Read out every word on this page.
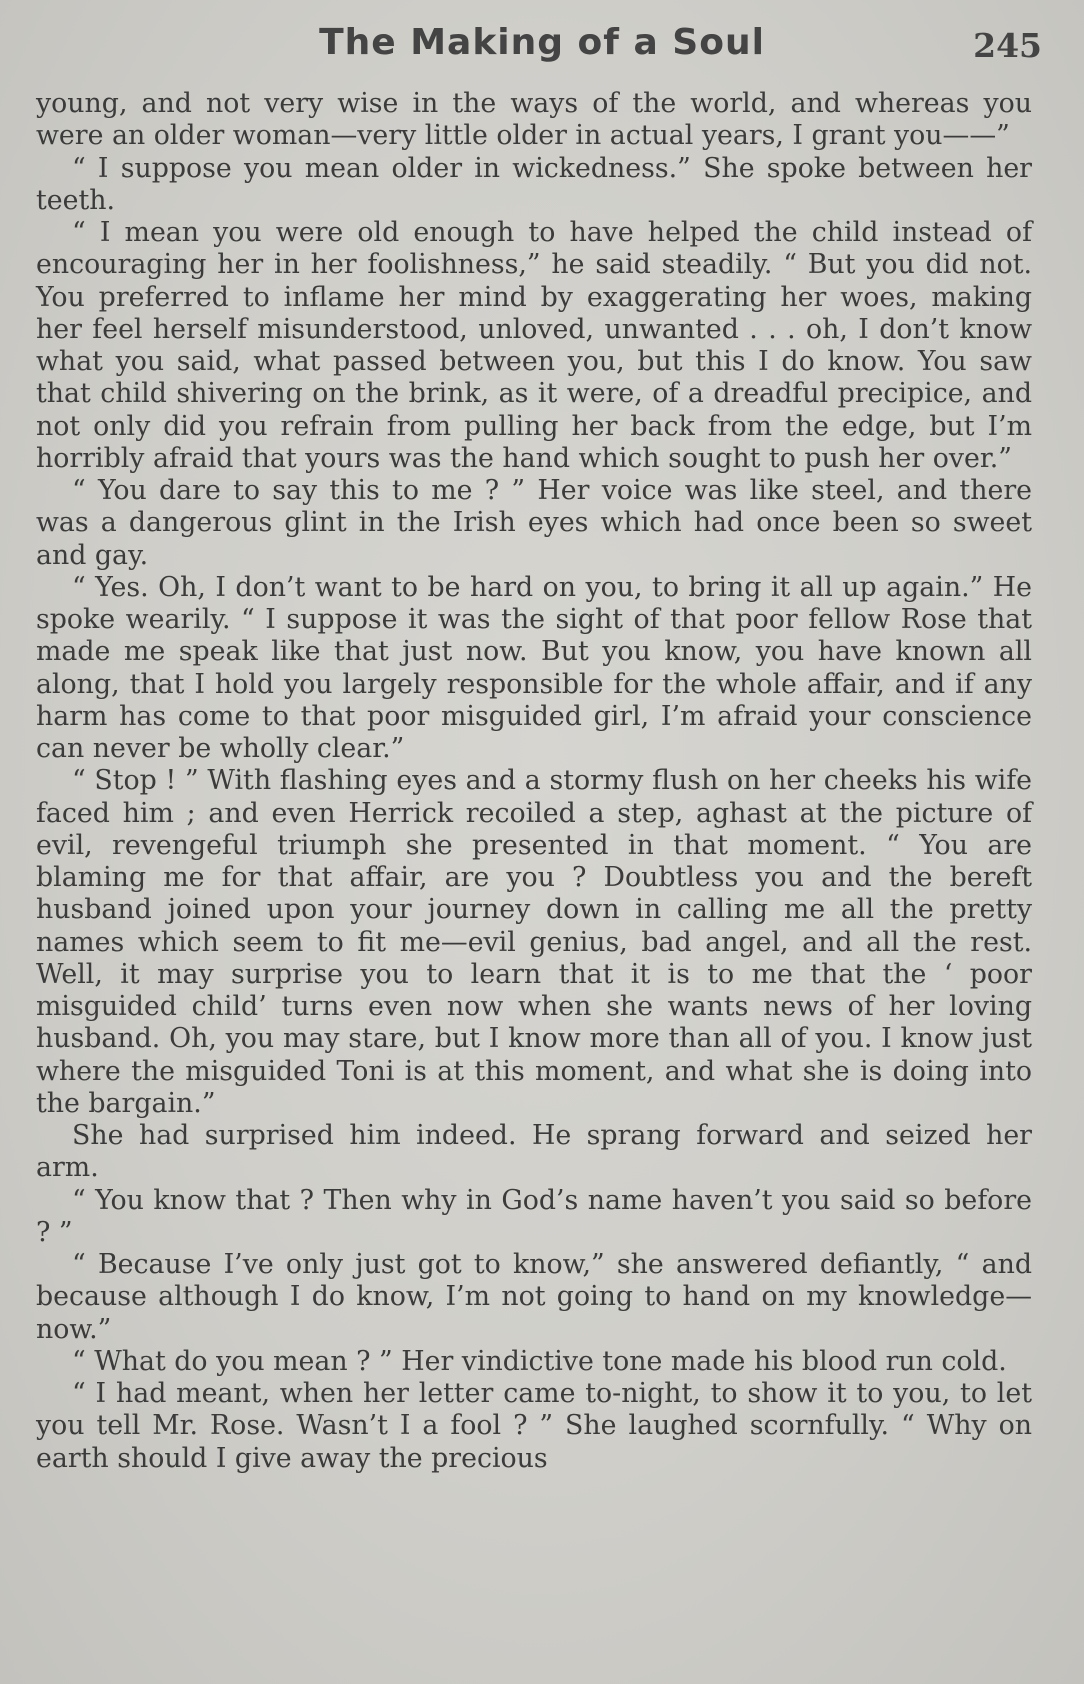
The Making of a Soul	245

young, and not very wise in the ways of the world, and whereas you were an older woman—very little older in actual years, I grant you——”

“ I suppose you mean older in wickedness.” She spoke between her teeth.

“ I mean you were old enough to have helped the child instead of encouraging her in her foolishness,” he said steadily. “ But you did not. You preferred to inflame her mind by exaggerating her woes, making her feel herself misunderstood, unloved, unwanted . . . oh, I don’t know what you said, what passed between you, but this I do know. You saw that child shivering on the brink, as it were, of a dreadful precipice, and not only did you refrain from pulling her back from the edge, but I’m horribly afraid that yours was the hand which sought to push her over.”

“ You dare to say this to me ? ” Her voice was like steel, and there was a dangerous glint in the Irish eyes which had once been so sweet and gay.

“ Yes. Oh, I don’t want to be hard on you, to bring it all up again.” He spoke wearily. “ I suppose it was the sight of that poor fellow Rose that made me speak like that just now. But you know, you have known all along, that I hold you largely responsible for the whole affair, and if any harm has come to that poor misguided girl, I’m afraid your conscience can never be wholly clear.”

“ Stop ! ” With flashing eyes and a stormy flush on her cheeks his wife faced him ; and even Herrick recoiled a step, aghast at the picture of evil, revengeful triumph she presented in that moment. “ You are blaming me for that affair, are you ? Doubtless you and the bereft husband joined upon your journey down in calling me all the pretty names which seem to fit me—evil genius, bad angel, and all the rest. Well, it may surprise you to learn that it is to me that the ‘ poor misguided child’ turns even now when she wants news of her loving husband. Oh, you may stare, but I know more than all of you. I know just where the misguided Toni is at this moment, and what she is doing into the bargain.”

She had surprised him indeed. He sprang forward and seized her arm.

“ You know that ? Then why in God’s name haven’t you said so before ? ”

“ Because I’ve only just got to know,” she answered defiantly, “ and because although I do know, I’m not going to hand on my knowledge—now.”

“ What do you mean ? ” Her vindictive tone made his blood run cold.

“ I had meant, when her letter came to-night, to show it to you, to let you tell Mr. Rose. Wasn’t I a fool ? ” She laughed scornfully. “ Why on earth should I give away the precious
